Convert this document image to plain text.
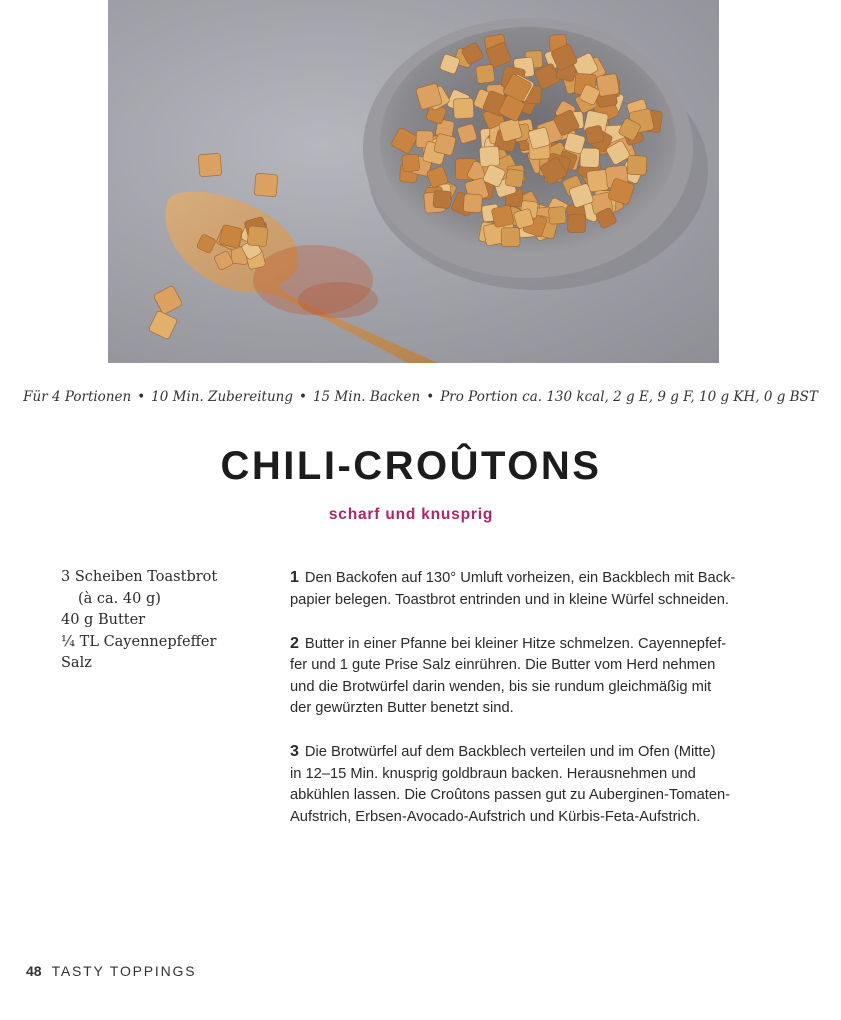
Für 4 Portionen • 10 Min. Zubereitung • 15 Min. Backen • Pro Portion ca. 130 kcal, 2 g E, 9 g F, 10 g KH, 0 g BST
CHILI-CROÛTONS
scharf und knusprig
3 Scheiben Toastbrot
(à ca. 40 g)
40 g Butter
¼ TL Cayennepfeffer
Salz
1 Den Backofen auf 130° Umluft vorheizen, ein Backblech mit Back-
papier belegen. Toastbrot entrinden und in kleine Würfel schneiden.
2 Butter in einer Pfanne bei kleiner Hitze schmelzen. Cayennepfef-
fer und 1 gute Prise Salz einrühren. Die Butter vom Herd nehmen
und die Brotwürfel darin wenden, bis sie rundum gleichmäßig mit
der gewürzten Butter benetzt sind.
3 Die Brotwürfel auf dem Backblech verteilen und im Ofen (Mitte)
in 12–15 Min. knusprig goldbraun backen. Herausnehmen und
abkühlen lassen. Die Croûtons passen gut zu Auberginen-Tomaten-
Aufstrich, Erbsen-Avocado-Aufstrich und Kürbis-Feta-Aufstrich.
48 TASTY TOPPINGS
